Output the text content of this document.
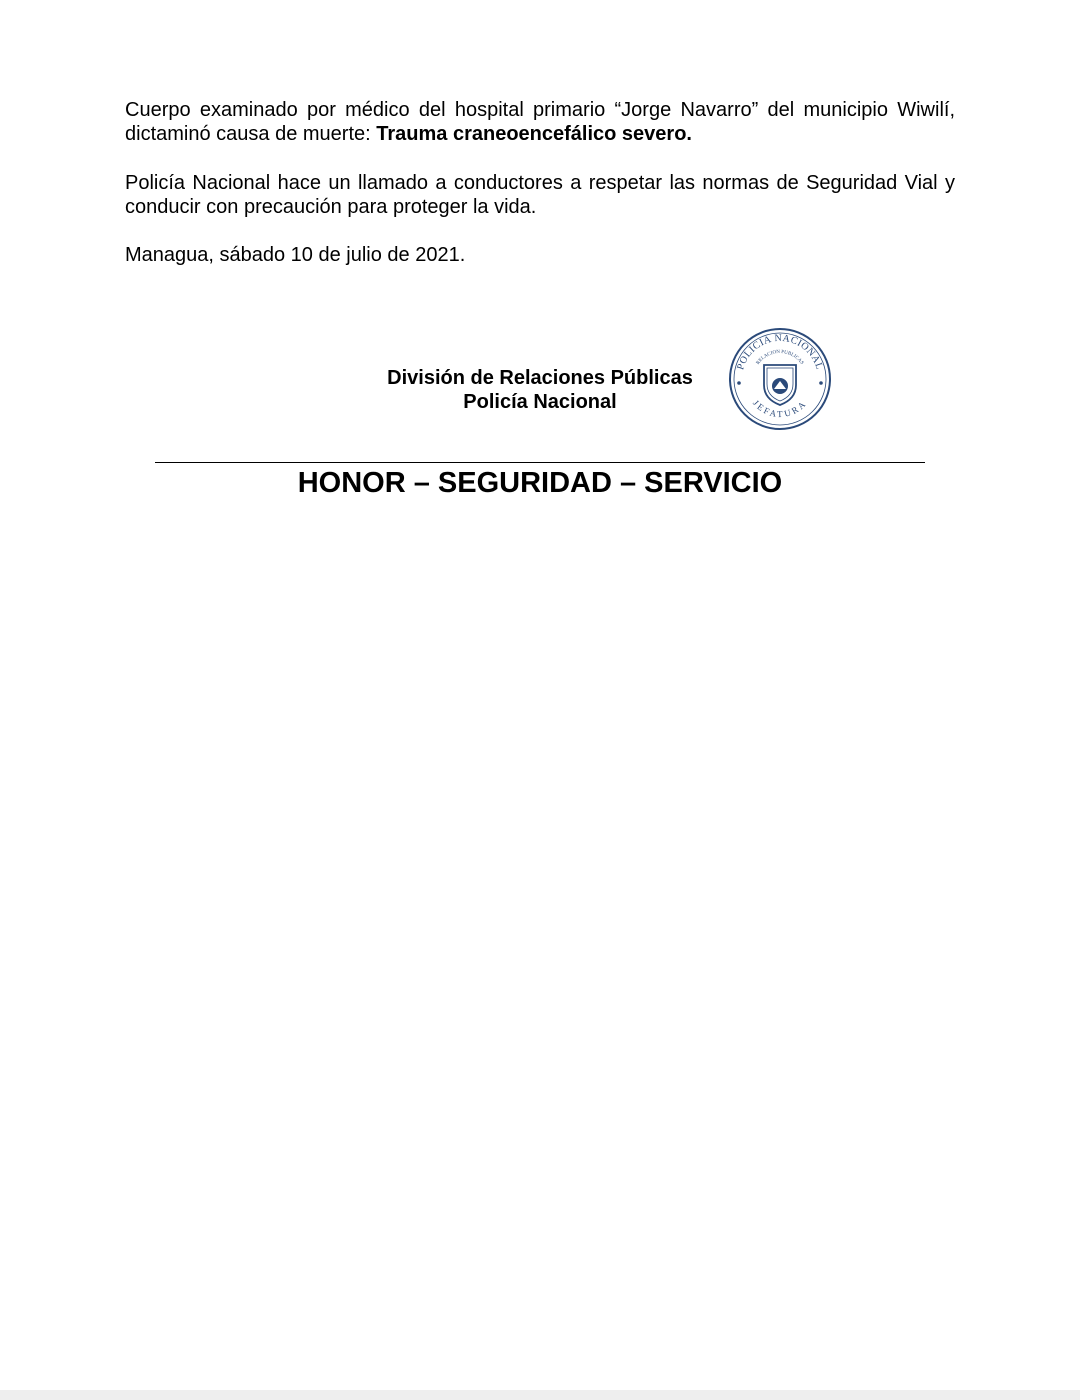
Cuerpo examinado por médico del hospital primario “Jorge Navarro” del municipio Wiwilí, dictaminó causa de muerte: Trauma craneoencefálico severo.

Policía Nacional hace un llamado a conductores a respetar las normas de Seguridad Vial y conducir con precaución para proteger la vida.

Managua, sábado 10 de julio de 2021.

División de Relaciones Públicas
Policía Nacional
POLICIA NACIONAL
RELACION PUBLICAS
JEFATURA
HONOR – SEGURIDAD – SERVICIO
